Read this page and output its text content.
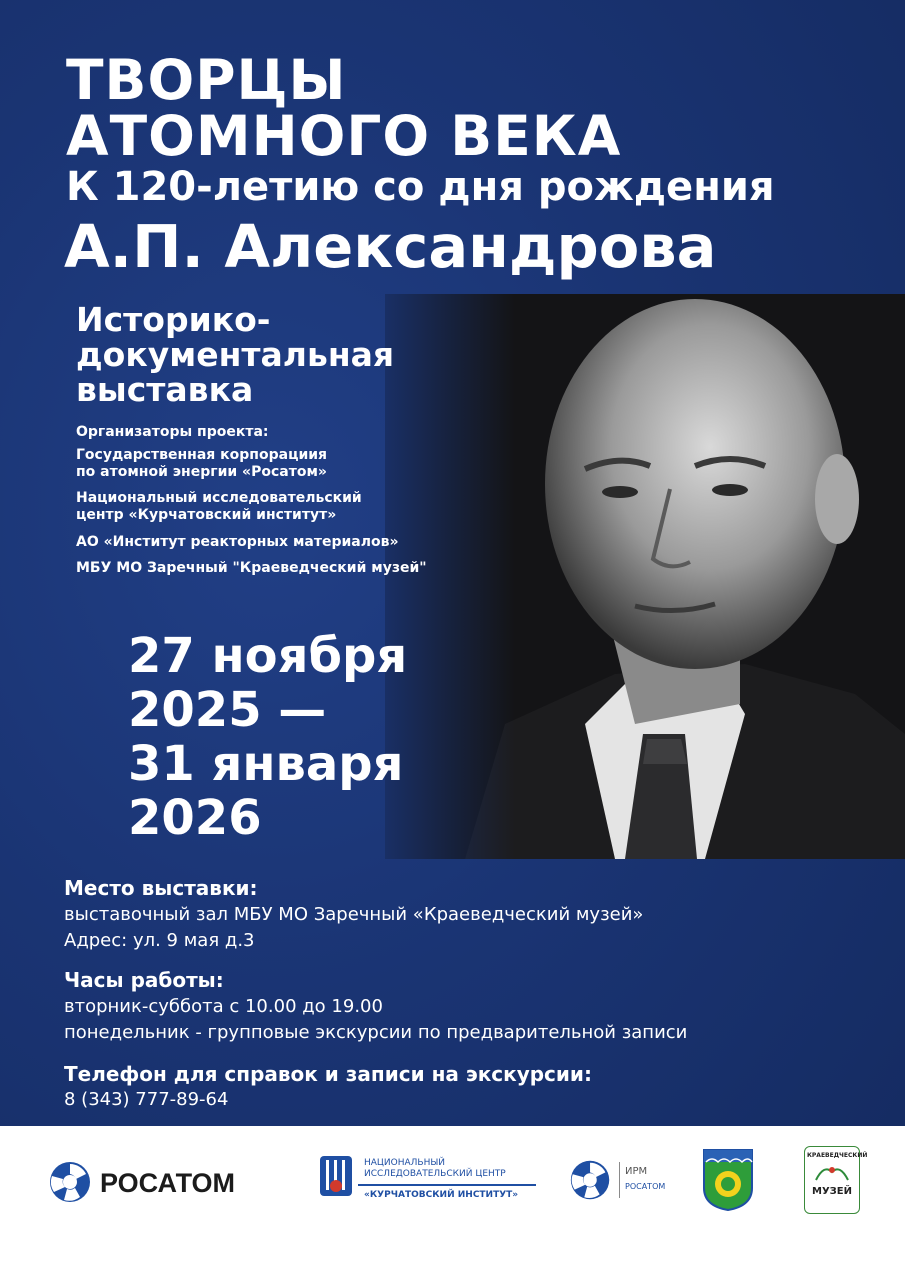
ТВОРЦЫ
АТОМНОГО ВЕКА
К 120-летию со дня рождения
А.П. Александрова
Историко-
документальная
выставка
Организаторы проекта:
Государственная корпорациия
по атомной энергии «Росатом»
Национальный исследовательский
центр «Курчатовский институт»
АО «Институт реакторных материалов»
МБУ МО Заречный "Краеведческий музей"
27 ноября
2025 —
31 января
2026
Место выставки:
выставочный зал МБУ МО Заречный «Краеведческий музей»
Адрес: ул. 9 мая д.3
Часы работы:
вторник-суббота с 10.00 до 19.00
понедельник - групповые экскурсии по предварительной записи
Телефон для справок и записи на экскурсии:
8 (343) 777-89-64
РОСАТОМ
НАЦИОНАЛЬНЫЙ
ИССЛЕДОВАТЕЛЬСКИЙ ЦЕНТР
«КУРЧАТОВСКИЙ ИНСТИТУТ»
ИРМ
РОСАТОМ
КРАЕВЕДЧЕСКИЙ
МУЗЕЙ
